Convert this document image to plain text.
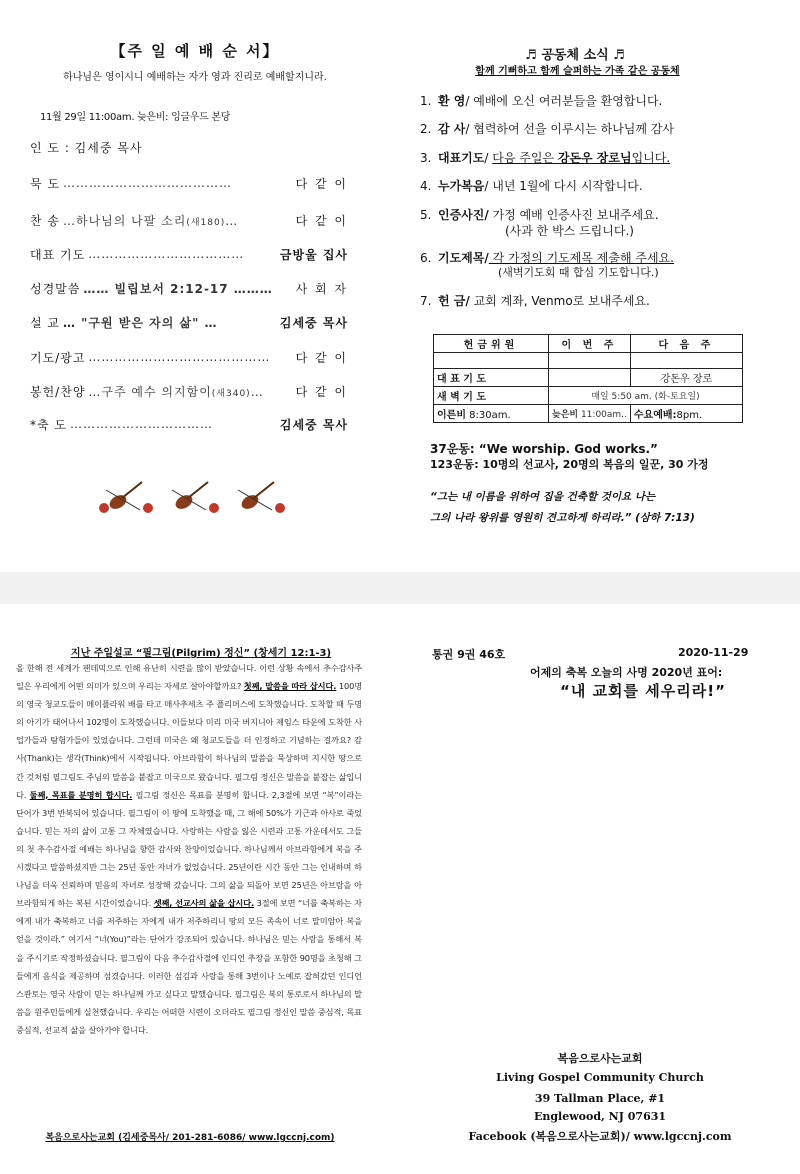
【주 일 예 배 순 서】
하나님은 영이시니 예배하는 자가 영과 진리로 예배할지니라.
11월 29일 11:00am. 늦은비: 잉글우드 본당
인 도 : 김세중 목사
묵 도 …………………………………	다 같 이
찬 송 …하나님의 나팔 소리(새180)…	다 같 이
대표 기도 ………………………………	금방울 집사
성경말씀 …… 빌립보서 2:12-17 ………	사 회 자
설 교 … "구원 받은 자의 삶" …	김세중 목사
기도/광고 ……………………………………	다 같 이
봉헌/찬양 …구주 예수 의지함이(새340)…	다 같 이
*축 도 ……………………………	김세중 목사
♬ 공동체 소식 ♬
함께 기뻐하고 함께 슬퍼하는 가족 같은 공동체
1. 환 영/ 예배에 오신 여러분들을 환영합니다.
2. 감 사/ 협력하여 선을 이루시는 하나님께 감사
3. 대표기도/ 다음 주일은 강돈우 장로님입니다.
4. 누가복음/ 내년 1월에 다시 시작합니다.
5. 인증사진/ 가정 예배 인증사진 보내주세요.
(사과 한 박스 드립니다.)
6. 기도제목/ 각 가정의 기도제목 제출해 주세요.
(새벽기도회 때 합심 기도합니다.)
7. 헌 금/ 교회 계좌, Venmo로 보내주세요.
헌금위원	이 번 주	다 음 주

대 표 기 도		강돈우 장로
새 벽 기 도	매일 5:50 am. (화-토요일)	
이른비 8:30am.	늦은비 11:00am..	수요예배:8pm.
37운동: “We worship. God works.”
123운동: 10명의 선교사, 20명의 복음의 일꾼, 30 가정
“그는 내 이름을 위하여 집을 건축할 것이요 나는
그의 나라 왕위를 영원히 견고하게 하리라.” (삼하 7:13)
지난 주일설교 “필그림(Pilgrim) 정신” (창세기 12:1-3)
올 한해 전 세계가 팬데믹으로 인해 유난히 시련을 많이 받았습니다. 이런 상황 속에서 추수감사주일은 우리에게 어떤 의미가 있으며 우리는 자세로 살아야할까요? 첫째, 말씀을 따라 삽시다. 100명의 영국 청교도들이 메이플라워 배를 타고 매사추세츠 주 플리머스에 도착했습니다. 도착할 때 두명의 아기가 태어나서 102명이 도착했습니다. 이들보다 미리 미국 버지니아 제임스 타운에 도착한 사업가들과 탐험가들이 있었습니다. 그런데 미국은 왜 청교도들을 더 인정하고 기념하는 걸까요? 감사(Thank)는 생각(Think)에서 시작됩니다. 아브라함이 하나님의 말씀을 묵상하며 지시한 땅으로 간 것처럼 필그림도 주님의 말씀을 붙잡고 미국으로 왔습니다. 필그림 정신은 말씀을 붙잡는 삶입니다. 둘째, 목표를 분명히 합시다. 필그림 정신은 목표를 분명히 합니다. 2,3절에 보면 “복”이라는 단어가 3번 반복되어 있습니다. 필그림이 이 땅에 도착했을 때, 그 해에 50%가 기근과 아사로 죽었습니다. 믿는 자의 삶이 고통 그 자체였습니다. 사랑하는 사람을 잃은 시련과 고통 가운데서도 그들의 첫 추수감사절 예배는 하나님을 향한 감사와 찬양이었습니다. 하나님께서 아브라함에게 복을 주시겠다고 말씀하셨지만 그는 25년 동안 자녀가 없었습니다. 25년이란 시간 동안 그는 인내하며 하나님을 더욱 신뢰하며 믿음의 자녀로 성장해 갔습니다. 그의 삶을 되돌아 보면 25년은 아브람을 아브라함되게 하는 복된 시간이었습니다. 셋째, 선교사의 삶을 삽시다. 3절에 보면 “너를 축복하는 자에게 내가 축복하고 너를 저주하는 자에게 내가 저주하리니 땅의 모든 족속이 너로 말미암아 복을 얻을 것이라.” 여기서 “너(You)”라는 단어가 강조되어 있습니다. 하나님은 믿는 사람을 통해서 복을 주시기로 작정하셨습니다. 필그림이 다음 추수감사절에 인디언 추장을 포함한 90명을 초청해 그들에게 음식을 제공하며 섬겼습니다. 이러한 섬김과 사랑을 통해 3번이나 노예로 잡혀갔던 인디언 스콴토는 영국 사람이 믿는 하나님께 가고 싶다고 말했습니다. 필그림은 복의 통로로서 하나님의 말씀을 원주민들에게 실천했습니다. 우리는 어떠한 시련이 오더라도 필그림 정신인 말씀 중심적, 목표 중심적, 선교적 삶을 살아가야 합니다.
복음으로사는교회 (김세중목사/ 201-281-6086/ www.lgccnj.com)
통권 9권 46호	2020-11-29
어제의 축복 오늘의 사명 2020년 표어:
“내 교회를 세우리라!”
복음으로사는교회
Living Gospel Community Church
39 Tallman Place, #1
Englewood, NJ 07631
Facebook (복음으로사는교회)/ www.lgccnj.com
